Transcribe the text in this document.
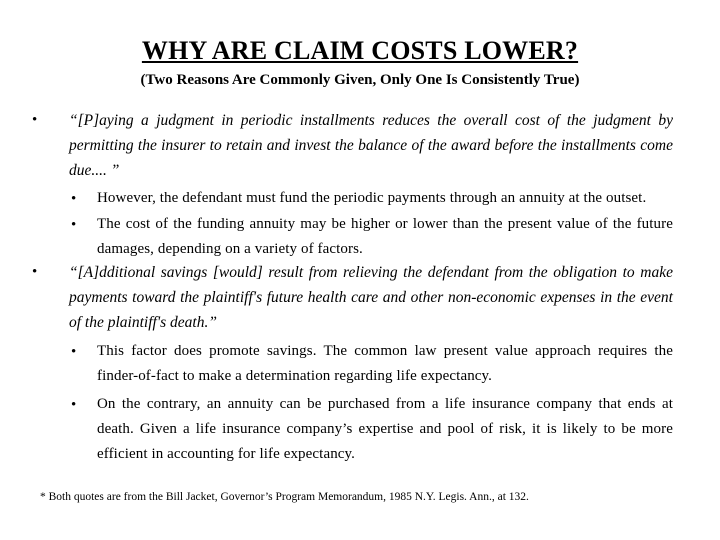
WHY ARE CLAIM COSTS LOWER?
(Two Reasons Are Commonly Given, Only One Is Consistently True)
• “[P]aying a judgment in periodic installments reduces the overall cost of the judgment by permitting the insurer to retain and invest the balance of the award before the installments come due.... ”
• However, the defendant must fund the periodic payments through an annuity at the outset.
• The cost of the funding annuity may be higher or lower than the present value of the future damages, depending on a variety of factors.
• “[A]dditional savings [would] result from relieving the defendant from the obligation to make payments toward the plaintiff's future health care and other non-economic expenses in the event of the plaintiff's death.”
• This factor does promote savings. The common law present value approach requires the finder-of-fact to make a determination regarding life expectancy.
• On the contrary, an annuity can be purchased from a life insurance company that ends at death. Given a life insurance company’s expertise and pool of risk, it is likely to be more efficient in accounting for life expectancy.
* Both quotes are from the Bill Jacket, Governor’s Program Memorandum, 1985 N.Y. Legis. Ann., at 132.
